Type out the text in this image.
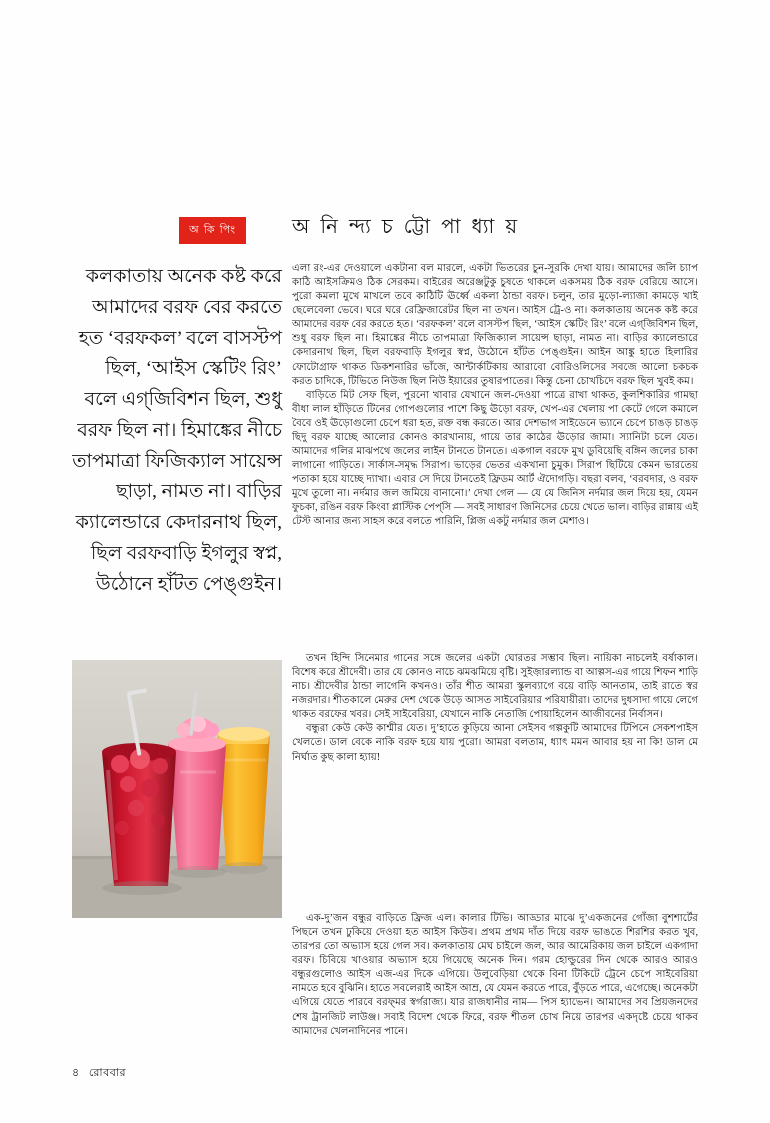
অ কি পিং	অ নি ন্দ্য চ ট্টো পা ধ্যা য়
কলকাতায় অনেক কষ্ট করে আমাদের বরফ বের করতে হত ‘বরফকল’ বলে বাসস্টপ ছিল, ‘আইস স্কেটিং রিং’ বলে এগ্‌জিবিশন ছিল, শুধু বরফ ছিল না। হিমাঙ্কের নীচে তাপমাত্রা ফিজিক্যাল সায়েন্স ছাড়া, নামত না। বাড়ির ক্যালেন্ডারে কেদারনাথ ছিল, ছিল বরফবাড়ি ইগলুর স্বপ্ন, উঠোনে হাঁটত পেঙ্গুইন।

এলা রং-এর দেওয়ালে একটানা বল মারলে, একটা ভিতরের চুন-সুরকি দেখা যায়। আমাদের জলি চ্যাপ কাঠি আইসক্রিমও ঠিক সেরকম। বাইরের অরেঞ্জটুকু চুষতে থাকলে একসময় ঠিক বরফ বেরিয়ে আসে। পুরো কমলা মুখে মাখলে তবে কাঠিটি ঊর্ধ্বে একলা ঠান্ডা বরফ। চলুন, তার মুড়ো-ল্যাজা কামড়ে খাই ছেলেবেলা ভেবে। ঘরে ঘরে রেফ্রিজারেটর ছিল না তখন। আইস ট্রে-ও না। কলকাতায় অনেক কষ্ট করে আমাদের বরফ বের করতে হত। ‘বরফকল’ বলে বাসস্টপ ছিল, ‘আইস স্কেটিং রিং’ বলে এগ্‌জিবিশন ছিল, শুধু বরফ ছিল না। হিমাঙ্কের নীচে তাপমাত্রা ফিজিক্যাল সায়েন্স ছাড়া, নামত না। বাড়ির ক্যালেন্ডারে কেদারনাথ ছিল, ছিল বরফবাড়ি ইগলুর স্বপ্ন, উঠোনে হাঁটত পেঙ্গুইন। আইন আঙ্কু হাতে হিলারির ফোটোগ্রাফ থাকত ডিকশনারির ভাঁজে, আন্টার্কটিকায় আরাবো বোরিওলিসের সবজে আলো চকচক করত চাদিকে, টিভিতে নিউজ ছিল নিউ ইয়ারের তুষারপাতের। কিন্তু চেনা চোখচিদে বরফ ছিল খুবই কম।

বাড়িতে মিট সেফ ছিল, পুরনো খাবার যেখানে জল-দেওয়া পাত্রে রাখা থাকত, কুলশিকারির গামছা বীধা লাল হাঁড়িতে টিনের গোপগুলোর পাশে কিছু ঊড়ো বরফ, খেপ-এর খেলায় পা কেটে গেলে কমালে বৈবে ওই ঊড়োগুলো চেপে ধরা হত, রক্ত বন্ধ করতে। আর দেশভাগ সাইডেনে ভ্যানে চেপে চাঙড় চাঙড় ছিদু বরফ যাচ্ছে আলোর কোনও কারখানায়, গায়ে তার কাঠের ঊড়োর জামা। স্যানিটা চলে যেত। আমাদের গলির মাঝপথে জলের লাইন টানতে টানতে। একগাল বরফে মুখ ডুবিয়েছি বঙ্গিন জলের চাকা লাগানো গাড়িতে। সার্কাস-সমৃদ্ধ সিরাপ। ভাড়ের ভেতর একখানা চুমুক। সিরাপ ছিটিয়ে কেমন ভারতেয় পতাকা হয়ে যাচ্ছে দ্যাখা। এবার সে দিয়ে টানতেই ফ্রিডম আর্ট ঐদোগড়ি। বছরা বলব, ‘বরবদার, ও বরফ মুখে তুলো না। নর্দমার জল জমিয়ে বানানো।’ দেখা গেল — যে যে জিনিস নর্দমার জল দিয়ে হয়, যেমন ফুচকা, রঙিন বরফ কিংবা প্লাস্টিক পেপ্‌সি — সবই সাধারণ জিনিসের চেয়ে খেতে ভাল। বাড়ির রান্নায় এই টেস্ট আনার জন্য সাহস করে বলতে পারিনি, প্লিজ একটু নর্দমার জল মেশাও।

তখন হিন্দি সিনেমার গানের সঙ্গে জলের একটা ঘোরতর সম্ভাব ছিল। নায়িকা নাচলেই বর্ষাকাল। বিশেষ করে শ্রীদেবী। তার যে কোনও নাচে ঝমঝমিয়ে বৃষ্টি। সুইজ়ারল্যান্ড বা আল্পস-এর গায়ে শিফন শাড়ি নাচ। শ্রীদেবীর ঠান্ডা লাগেনি কখনও। তাঁর শীত আমরা স্কুলব্যাগে বয়ে বাড়ি আনতাম, তাই রাতে স্বর নজরদার। শীতকালে মেরুর দেশ থেকে উড়ে আসত সাইবেরিয়ার পরিযায়ীরা। তাদের দুধসাদা গায়ে লেগে থাকত বরফের খবর। সেই সাইবেরিয়া, যেখানে নাকি নেতাজি পোয়াহিলেন আজীবনের নির্বাসন।

বন্ধুরা কেউ কেউ কাশ্মীর যেত। দু’হাতে কুড়িয়ে আনা সেইসব গল্পকুটি আমাদের টিপিনে সেকশপাইস খেলতে। ডাল বেকে নাকি বরফ হয়ে যায় পুরো। আমরা বলতাম, ধ্যাৎ মমন আবার হয় না কি! ডাল মে নির্ঘাত কুছ কালা হ্যায়!

এক-দু’জন বন্ধুর বাড়িতে ফ্রিজ এল। কালার টিভি। আড্ডার মাঝে দু’একজনের গোঁজা বুশশার্টের পিছনে তখন ঢুকিয়ে দেওয়া হত আইস কিউব। প্রথম প্রথম দাঁত দিয়ে বরফ ভাঙতে শিরশির করত খুব, তারপর তো অভ্যাস হয়ে গেল সব। কলকাতায় মেঘ চাইলে জল, আর আমেরিকায় জল চাইলে একগাদা বরফ। চিবিয়ে খাওয়ার অভ্যাস হয়ে গিয়েছে অনেক দিন। গরম হোল্ডুরের দিন থেকে আরও আরও বন্ধুরগুলোও আইস এজ-এর দিকে এগিয়ে। উলুবেড়িয়া থেকে বিনা টিকিটে ট্রেনে চেপে সাইবেরিয়া নামতে হবে বুঝিনি। হাতে সবলেরাই আইস আম্র, যে যেমন করতে পারে, বুঁড়তে পারে, এগেচ্ছে। অনেকটা এগিয়ে যেতে পারবে বরফ্মর স্বর্গরাজ্য। যার রাজধানীর নাম— পিস হ্যাভেন। আমাদের সব প্রিয়জনদের শেষ ট্রানজিট লাউঞ্জ। সবাই বিদেশ থেকে ফিরে, বরফ শীতল চোখ নিয়ে তারপর একদৃষ্টে চেয়ে থাকব আমাদের খেলনাদিনের পানে।

৪ রোববার
